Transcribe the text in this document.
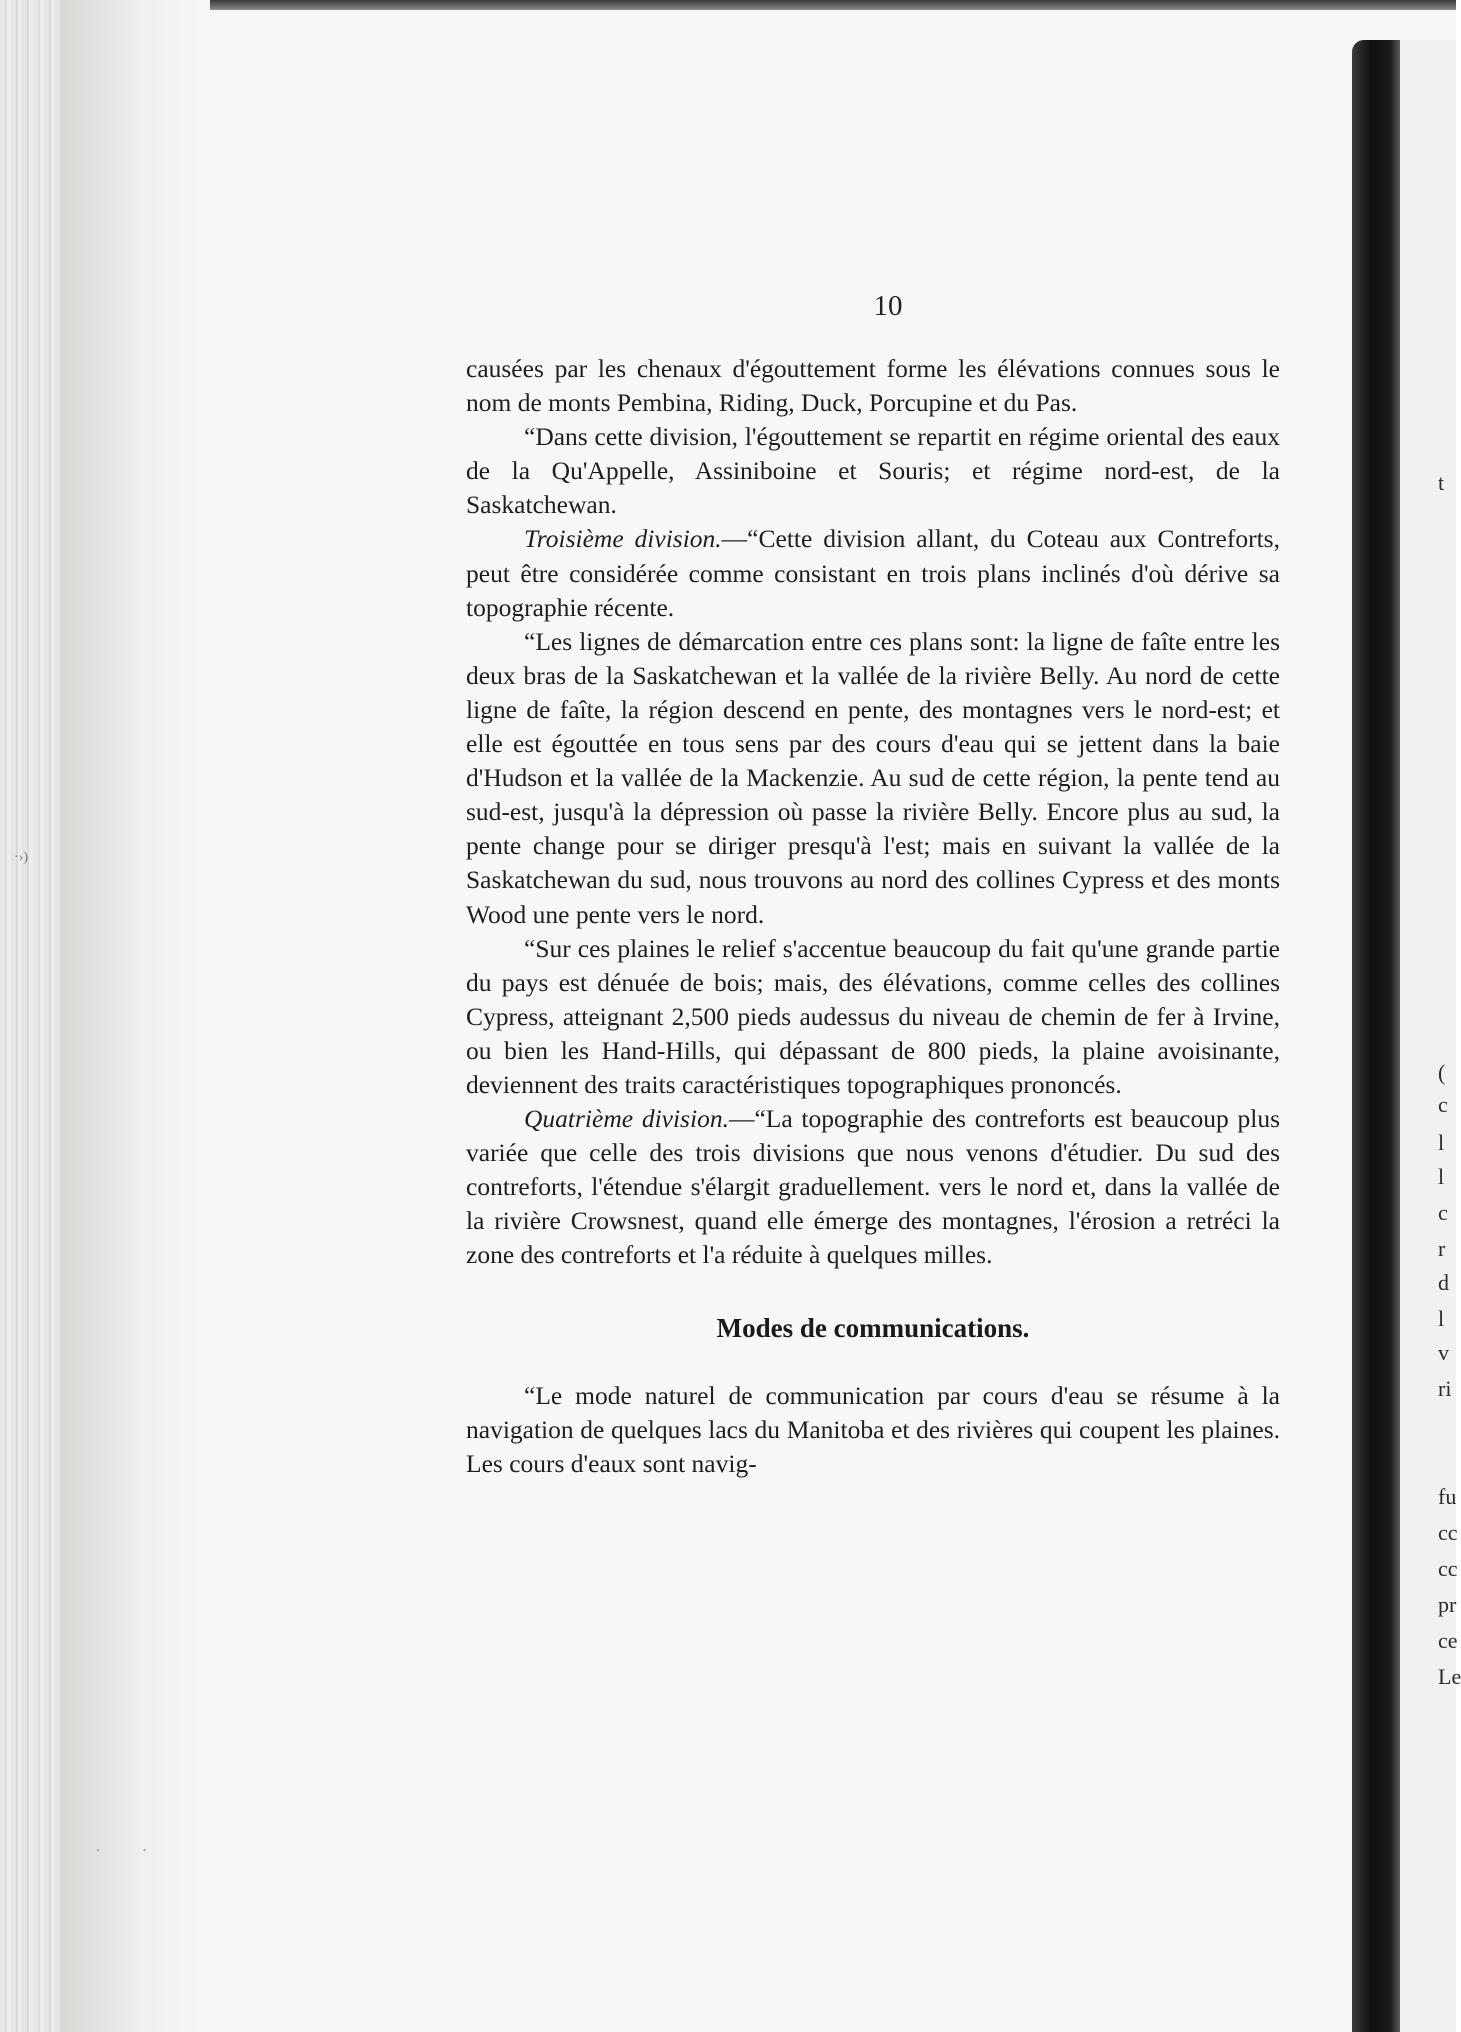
·›)
· ·
t
(
c
l
l
c
r
d
l
v
ri
fu
cc
cc
pr
ce
Le
10

causées par les chenaux d'égouttement forme les élévations connues sous le nom de monts Pembina, Riding, Duck, Porcupine et du Pas.

“Dans cette division, l'égouttement se repartit en régime oriental des eaux de la Qu'Appelle, Assiniboine et Souris; et régime nord-est, de la Saskatchewan.

Troisième division.—“Cette division allant, du Coteau aux Contreforts, peut être considérée comme consistant en trois plans inclinés d'où dérive sa topographie récente.

“Les lignes de démarcation entre ces plans sont: la ligne de faîte entre les deux bras de la Saskatchewan et la vallée de la rivière Belly. Au nord de cette ligne de faîte, la région descend en pente, des montagnes vers le nord-est; et elle est égouttée en tous sens par des cours d'eau qui se jettent dans la baie d'Hudson et la vallée de la Mackenzie. Au sud de cette région, la pente tend au sud-est, jusqu'à la dépression où passe la rivière Belly. Encore plus au sud, la pente change pour se diriger presqu'à l'est; mais en suivant la vallée de la Saskatchewan du sud, nous trouvons au nord des collines Cypress et des monts Wood une pente vers le nord.

“Sur ces plaines le relief s'accentue beaucoup du fait qu'une grande partie du pays est dénuée de bois; mais, des élévations, comme celles des collines Cypress, atteignant 2,500 pieds audessus du niveau de chemin de fer à Irvine, ou bien les Hand-Hills, qui dépassant de 800 pieds, la plaine avoisinante, deviennent des traits caractéristiques topographiques prononcés.

Quatrième division.—“La topographie des contreforts est beaucoup plus variée que celle des trois divisions que nous venons d'étudier. Du sud des contreforts, l'étendue s'élargit graduellement. vers le nord et, dans la vallée de la rivière Crowsnest, quand elle émerge des montagnes, l'érosion a retréci la zone des contreforts et l'a réduite à quelques milles.

Modes de communications.

“Le mode naturel de communication par cours d'eau se résume à la navigation de quelques lacs du Manitoba et des rivières qui coupent les plaines. Les cours d'eaux sont navig-
